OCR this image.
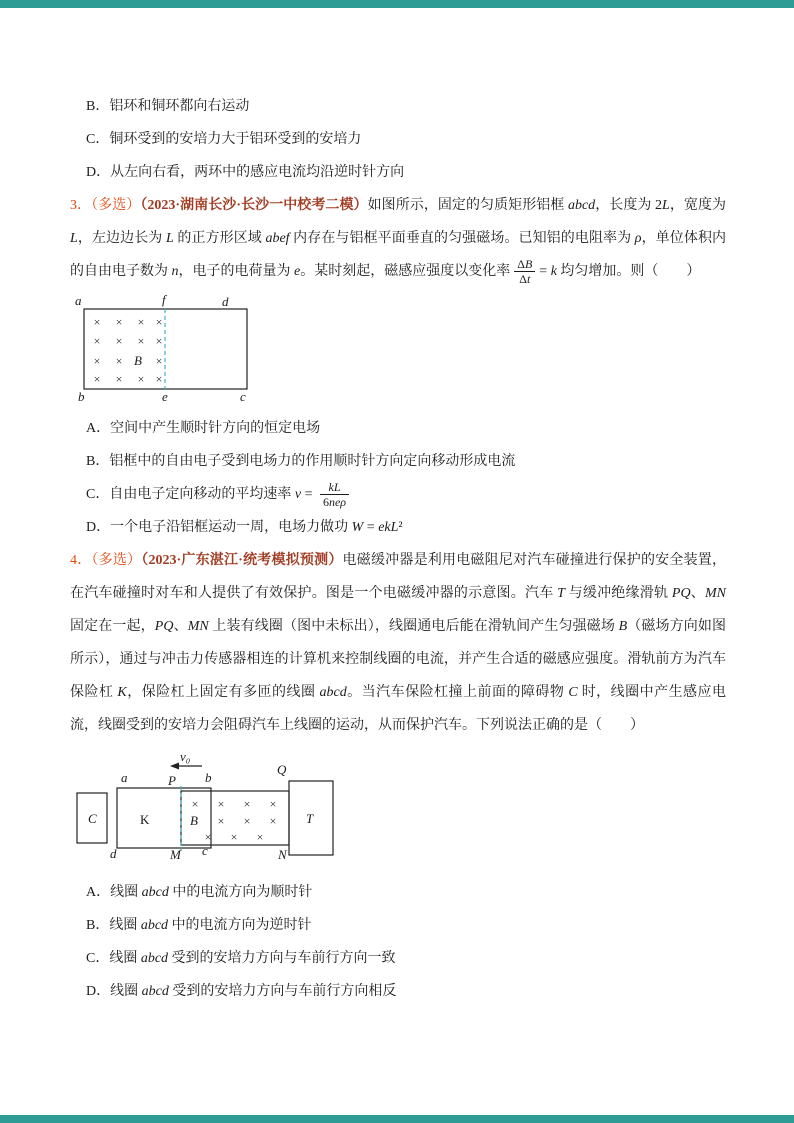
B．铝环和铜环都向右运动

C．铜环受到的安培力大于铝环受到的安培力

D．从左向右看，两环中的感应电流均沿逆时针方向

3．（多选）（2023·湖南长沙·长沙一中校考二模）如图所示，固定的匀质矩形铝框 abcd，长度为 2L，宽度为 L，左边边长为 L 的正方形区域 abef 内存在与铝框平面垂直的匀强磁场。已知铝的电阻率为 ρ，单位体积内的自由电子数为 n，电子的电荷量为 e。某时刻起，磁感应强度以变化率 $\frac{\Delta B}{\Delta t} = k$ 均匀增加。则（　　）

× × × ×
× × × ×
× × B ×
× × × ×
a	f	d
b	e	c

A．空间中产生顺时针方向的恒定电场

B．铝框中的自由电子受到电场力的作用顺时针方向定向移动形成电流

C．自由电子定向移动的平均速率 $v = \frac{kL}{\text{6neρ}}$

D．一个电子沿铝框运动一周，电场力做功 W = ekL²

4．（多选）（2023·广东湛江·统考模拟预测）电磁缓冲器是利用电磁阻尼对汽车碰撞进行保护的安全装置，在汽车碰撞时对车和人提供了有效保护。图是一个电磁缓冲器的示意图。汽车 T 与缓冲绝缘滑轨 PQ、MN 固定在一起，PQ、MN 上装有线圈（图中未标出），线圈通电后能在滑轨间产生匀强磁场 B（磁场方向如图所示），通过与冲击力传感器相连的计算机来控制线圈的电流，并产生合适的磁感应强度。滑轨前方为汽车保险杠 K，保险杠上固定有多匝的线圈 abcd。当汽车保险杠撞上前面的障碍物 C 时，线圈中产生感应电流，线圈受到的安培力会阻碍汽车上线圈的运动，从而保护汽车。下列说法正确的是（　　）

v₀
a	P b
Q
C	K
× × × ×
B × × ×
× × ×
T
d	M c	N

A．线圈 abcd 中的电流方向为顺时针

B．线圈 abcd 中的电流方向为逆时针

C．线圈 abcd 受到的安培力方向与车前行方向一致

D．线圈 abcd 受到的安培力方向与车前行方向相反
